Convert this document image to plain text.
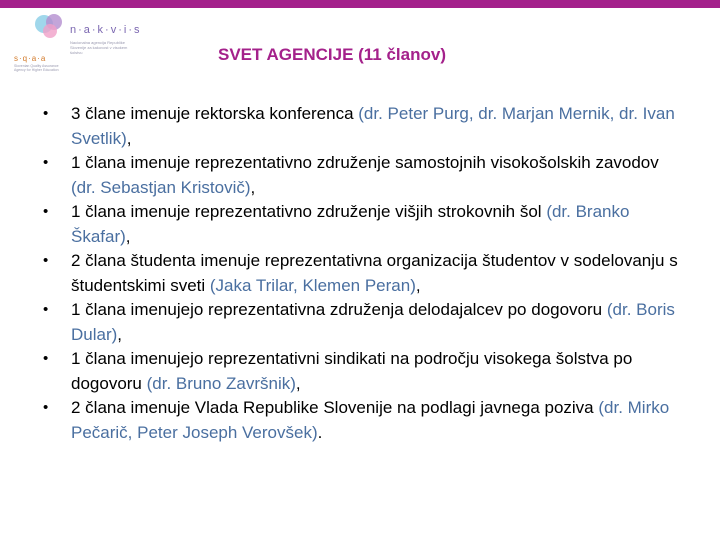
n·a·k·v·i·s
Nacionalna agencija Republike Slovenije za kakovost v visokem šolstvu
s·q·a·a
Slovenian Quality Assurance Agency for Higher Education
SVET AGENCIJE (11 članov)
• 3 člane imenuje rektorska konferenca (dr. Peter Purg, dr. Marjan Mernik, dr. Ivan Svetlik),
• 1 člana imenuje reprezentativno združenje samostojnih visokošolskih zavodov (dr. Sebastjan Kristovič),
• 1 člana imenuje reprezentativno združenje višjih strokovnih šol (dr. Branko Škafar),
• 2 člana študenta imenuje reprezentativna organizacija študentov v sodelovanju s študentskimi sveti (Jaka Trilar, Klemen Peran),
• 1 člana imenujejo reprezentativna združenja delodajalcev po dogovoru (dr. Boris Dular),
• 1 člana imenujejo reprezentativni sindikati na področju visokega šolstva po dogovoru (dr. Bruno Završnik),
• 2 člana imenuje Vlada Republike Slovenije na podlagi javnega poziva (dr. Mirko Pečarič, Peter Joseph Verovšek).
